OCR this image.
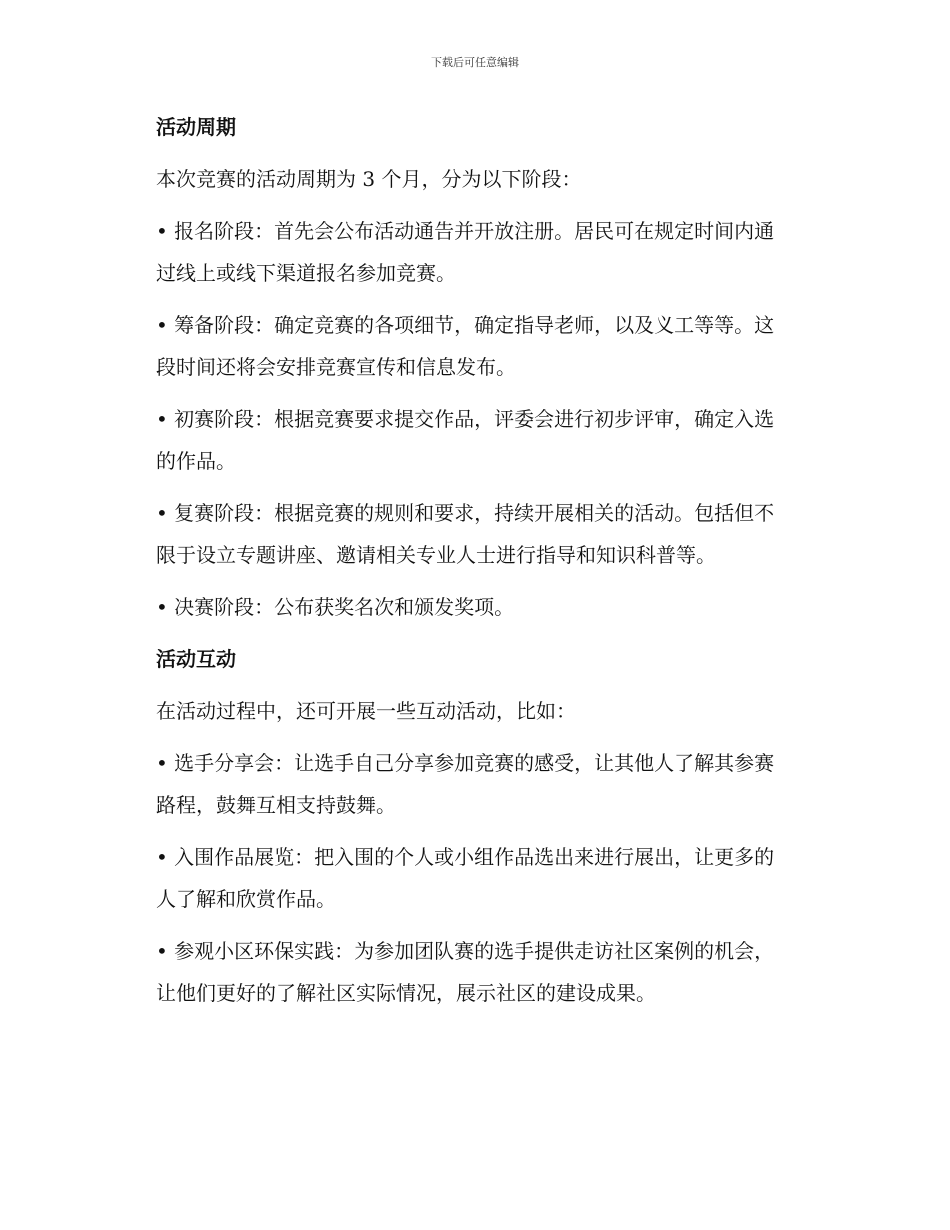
下载后可任意编辑
活动周期
本次竞赛的活动周期为 3 个月，分为以下阶段：
• 报名阶段：首先会公布活动通告并开放注册。居民可在规定时间内通
过线上或线下渠道报名参加竞赛。
• 筹备阶段：确定竞赛的各项细节，确定指导老师，以及义工等等。这
段时间还将会安排竞赛宣传和信息发布。
• 初赛阶段：根据竞赛要求提交作品，评委会进行初步评审，确定入选
的作品。
• 复赛阶段：根据竞赛的规则和要求，持续开展相关的活动。包括但不
限于设立专题讲座、邀请相关专业人士进行指导和知识科普等。
• 决赛阶段：公布获奖名次和颁发奖项。
活动互动
在活动过程中，还可开展一些互动活动，比如：
• 选手分享会：让选手自己分享参加竞赛的感受，让其他人了解其参赛
路程，鼓舞互相支持鼓舞。
• 入围作品展览：把入围的个人或小组作品选出来进行展出，让更多的
人了解和欣赏作品。
• 参观小区环保实践：为参加团队赛的选手提供走访社区案例的机会，
让他们更好的了解社区实际情况，展示社区的建设成果。
